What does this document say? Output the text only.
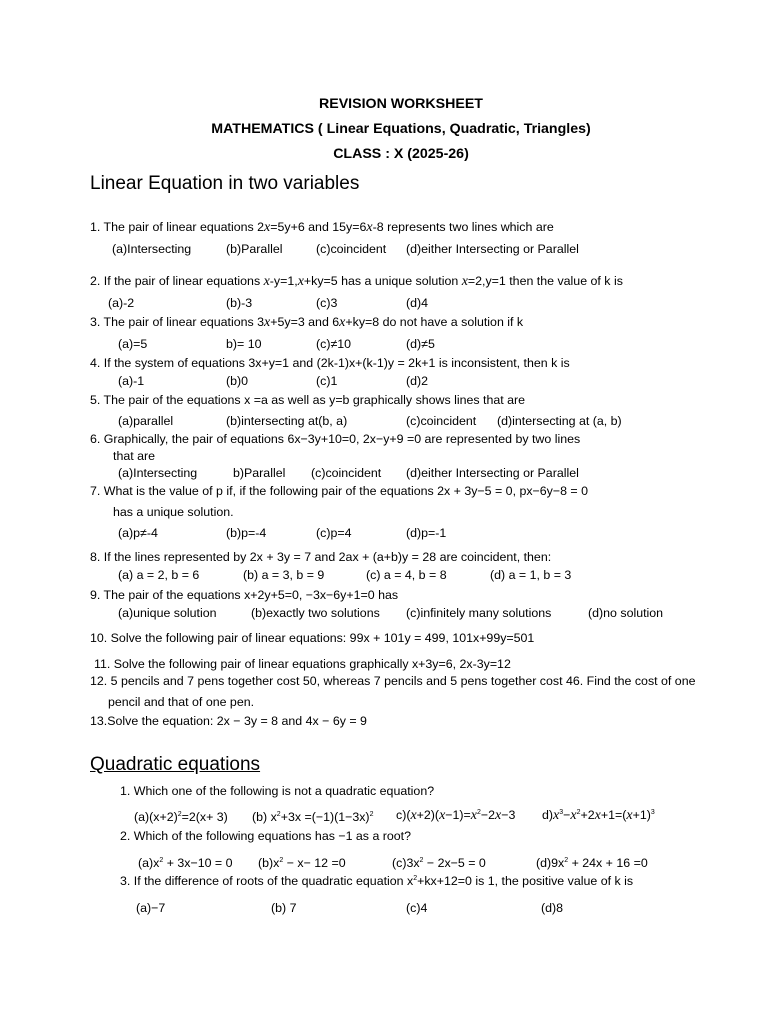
REVISION WORKSHEET
MATHEMATICS ( Linear Equations, Quadratic, Triangles)
CLASS : X (2025-26)
Linear Equation in two variables
1. The pair of linear equations 2x=5y+6 and 15y=6x-8 represents two lines which are
(a)Intersecting	(b)Parallel	(c)coincident (d)either Intersecting or Parallel
2. If the pair of linear equations x-y=1,x+ky=5 has a unique solution x=2,y=1 then the value of k is
(a)-2	(b)-3	(c)3	(d)4
3. The pair of linear equations 3x+5y=3 and 6x+ky=8 do not have a solution if k
(a)=5	b)= 10	(c)≠10	(d)≠5
4. If the system of equations 3x+y=1 and (2k-1)x+(k-1)y = 2k+1 is inconsistent, then k is
(a)-1	(b)0	(c)1	(d)2
5. The pair of the equations x =a as well as y=b graphically shows lines that are
(a)parallel	(b)intersecting at(b, a)	(c)coincident (d)intersecting at (a, b)
6. Graphically, the pair of equations 6x−3y+10=0, 2x−y+9 =0 are represented by two lines
that are
(a)Intersecting	b)Parallel (c)coincident (d)either Intersecting or Parallel
7. What is the value of p if, if the following pair of the equations 2x + 3y−5 = 0, px−6y−8 = 0
has a unique solution.
(a)p≠-4	(b)p=-4	(c)p=4	(d)p=-1
8. If the lines represented by 2x + 3y = 7 and 2ax + (a+b)y = 28 are coincident, then:
(a) a = 2, b = 6	(b) a = 3, b = 9	(c) a = 4, b = 8	(d) a = 1, b = 3
9. The pair of the equations x+2y+5=0, −3x−6y+1=0 has
(a)unique solution	(b)exactly two solutions (c)infinitely many solutions	(d)no solution
10. Solve the following pair of linear equations: 99x + 101y = 499, 101x+99y=501
11. Solve the following pair of linear equations graphically x+3y=6, 2x-3y=12
12. 5 pencils and 7 pens together cost 50, whereas 7 pencils and 5 pens together cost 46. Find the cost of one
pencil and that of one pen.
13.Solve the equation: 2x − 3y = 8 and 4x − 6y = 9
Quadratic equations
1. Which one of the following is not a quadratic equation?
$(a)(x+2)^2=2(x+ 3)$ (b) $x^2+3x =(-1)(1-3x)^2$ $c)(x+2)(x-1)=x^2-2x-3$ $d)x^3-x^2+2x+1=(x+1)^3$
2. Which of the following equations has −1 as a root?
$(a)x^2 + 3x-10 = 0$ $(b)x^2 - x- 12 =0$	$(c)3x^2 - 2x-5 = 0$	$(d)9x^2 + 24x + 16 =0$
3. If the difference of roots of the quadratic equation $x^2+kx+12=0$ is 1, the positive value of k is
(a)−7	(b) 7	(c)4	(d)8
